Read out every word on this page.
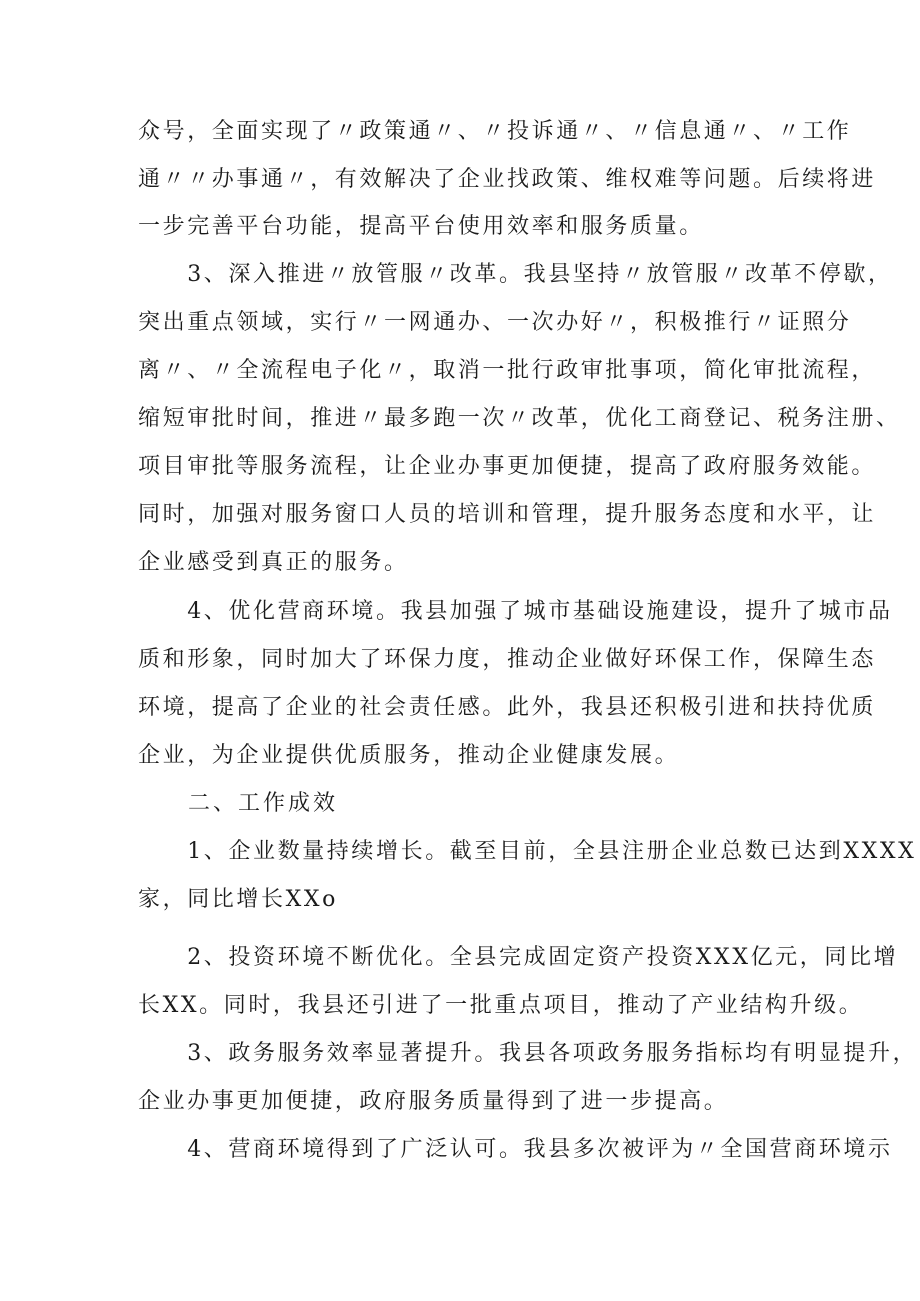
众号，全面实现了〃政策通〃、〃投诉通〃、〃信息通〃、〃工作
通〃〃办事通〃，有效解决了企业找政策、维权难等问题。后续将进
一步完善平台功能，提高平台使用效率和服务质量。
　　3、深入推进〃放管服〃改革。我县坚持〃放管服〃改革不停歇，
突出重点领域，实行〃一网通办、一次办好〃，积极推行〃证照分
离〃、〃全流程电子化〃，取消一批行政审批事项，简化审批流程，
缩短审批时间，推进〃最多跑一次〃改革，优化工商登记、税务注册、
项目审批等服务流程，让企业办事更加便捷，提高了政府服务效能。
同时，加强对服务窗口人员的培训和管理，提升服务态度和水平，让
企业感受到真正的服务。
　　4、优化营商环境。我县加强了城市基础设施建设，提升了城市品
质和形象，同时加大了环保力度，推动企业做好环保工作，保障生态
环境，提高了企业的社会责任感。此外，我县还积极引进和扶持优质
企业，为企业提供优质服务，推动企业健康发展。
　　二、工作成效
　　1、企业数量持续增长。截至目前，全县注册企业总数已达到XXXX
家，同比增长XXo
　　2、投资环境不断优化。全县完成固定资产投资XXX亿元，同比增
长XX。同时，我县还引进了一批重点项目，推动了产业结构升级。
　　3、政务服务效率显著提升。我县各项政务服务指标均有明显提升，
企业办事更加便捷，政府服务质量得到了进一步提高。
　　4、营商环境得到了广泛认可。我县多次被评为〃全国营商环境示
